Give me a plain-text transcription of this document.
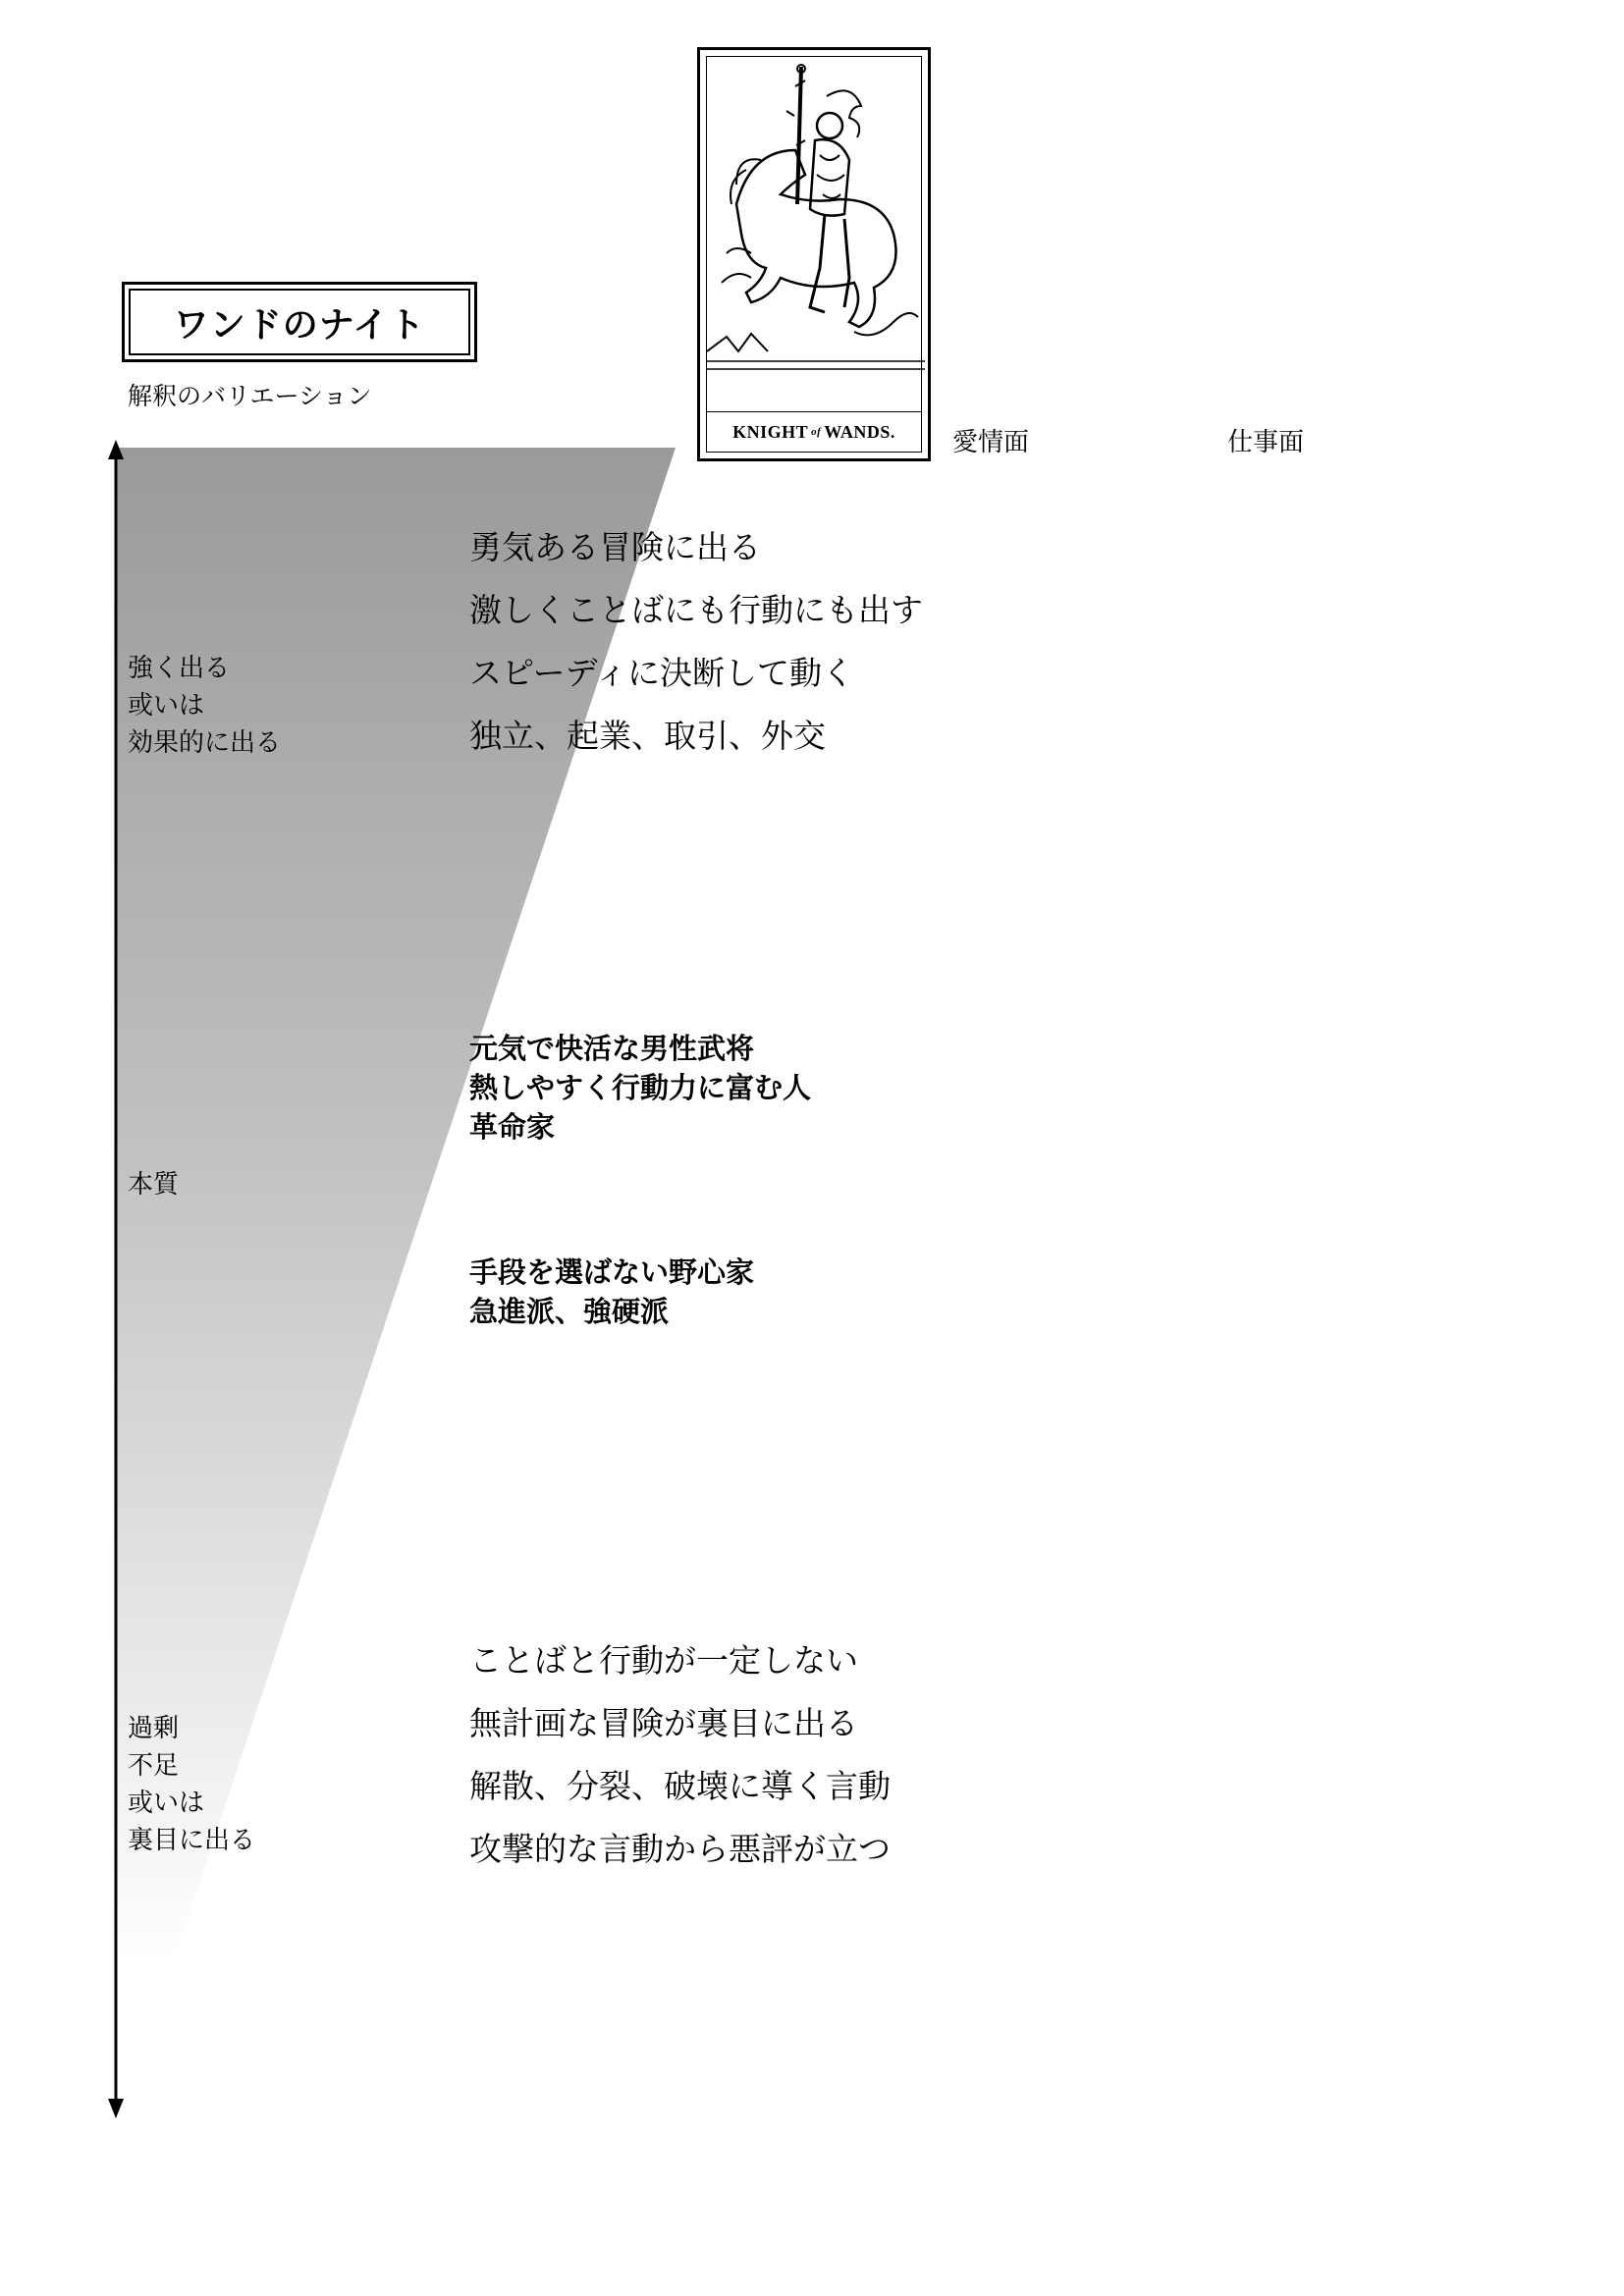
ワンドのナイト
解釈のバリエーション
KNIGHT of WANDS. 愛情面	仕事面
強く出る
或いは
効果的に出る
本質
過剰
不足
或いは
裏目に出る
勇気ある冒険に出る
激しくことばにも行動にも出す
スピーディに決断して動く
独立、起業、取引、外交
元気で快活な男性武将
熱しやすく行動力に富む人
革命家
手段を選ばない野心家
急進派、強硬派
ことばと行動が一定しない
無計画な冒険が裏目に出る
解散、分裂、破壊に導く言動
攻撃的な言動から悪評が立つ
